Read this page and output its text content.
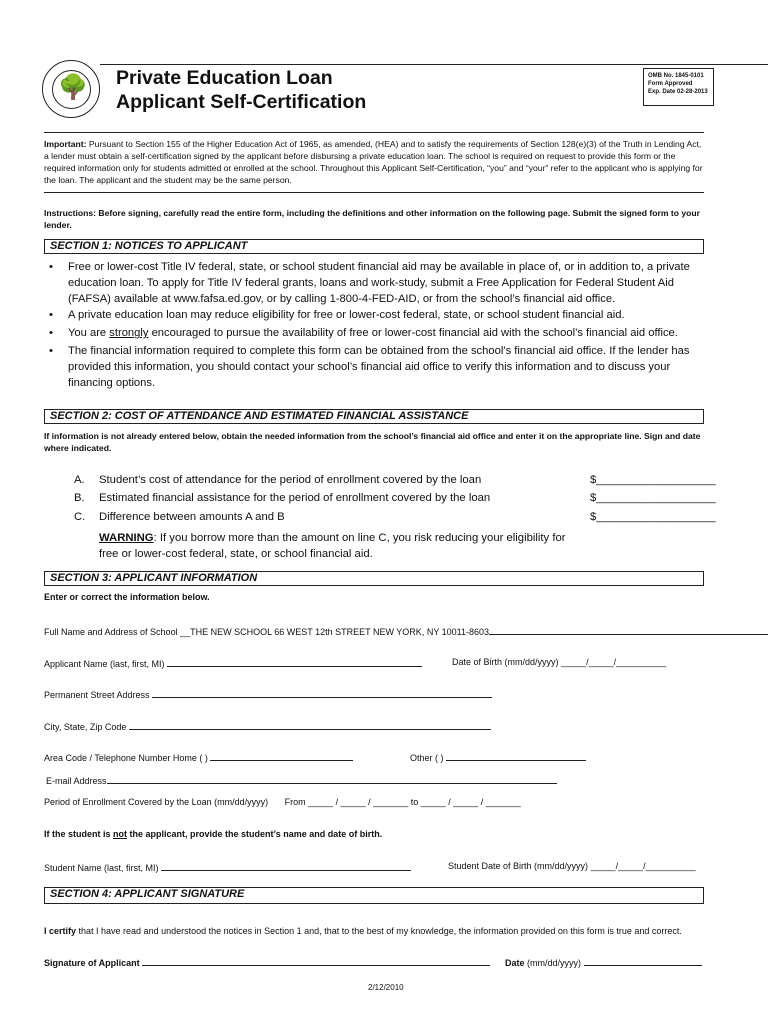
🌳 Private Education Loan
Applicant Self-Certification
OMB No. 1845-0101
Form Approved
Exp. Date 02-28-2013
Important: Pursuant to Section 155 of the Higher Education Act of 1965, as amended, (HEA) and to satisfy the requirements of Section 128(e)(3) of the Truth in Lending Act, a lender must obtain a self-certification signed by the applicant before disbursing a private education loan. The school is required on request to provide this form or the required information only for students admitted or enrolled at the school. Throughout this Applicant Self-Certification, “you” and “your” refer to the applicant who is applying for the loan. The applicant and the student may be the same person.
Instructions: Before signing, carefully read the entire form, including the definitions and other information on the following page. Submit the signed form to your lender.
SECTION 1: NOTICES TO APPLICANT
• Free or lower-cost Title IV federal, state, or school student financial aid may be available in place of, or in addition to, a private education loan. To apply for Title IV federal grants, loans and work-study, submit a Free Application for Federal Student Aid (FAFSA) available at www.fafsa.ed.gov, or by calling 1-800-4-FED-AID, or from the school’s financial aid office.
• A private education loan may reduce eligibility for free or lower-cost federal, state, or school student financial aid.
• You are strongly encouraged to pursue the availability of free or lower-cost financial aid with the school’s financial aid office.
• The financial information required to complete this form can be obtained from the school’s financial aid office. If the lender has provided this information, you should contact your school’s financial aid office to verify this information and to discuss your financing options.
SECTION 2: COST OF ATTENDANCE AND ESTIMATED FINANCIAL ASSISTANCE
If information is not already entered below, obtain the needed information from the school’s financial aid office and enter it on the appropriate line. Sign and date where indicated.
A. Student’s cost of attendance for the period of enrollment covered by the loan	$___________________
B. Estimated financial assistance for the period of enrollment covered by the loan	$___________________
C. Difference between amounts A and B	$___________________
WARNING: If you borrow more than the amount on line C, you risk reducing your eligibility for
free or lower-cost federal, state, or school financial aid.
SECTION 3: APPLICANT INFORMATION
Enter or correct the information below.
Full Name and Address of School __THE NEW SCHOOL 66 WEST 12th STREET NEW YORK, NY 10011-8603
Applicant Name (last, first, MI)	Date of Birth (mm/dd/yyyy) _____/_____/__________
Permanent Street Address
City, State, Zip Code
Area Code / Telephone Number Home ( )	Other ( )
E-mail Address
Period of Enrollment Covered by the Loan (mm/dd/yyyy) From _____ / _____ / _______ to _____ / _____ / _______
If the student is not the applicant, provide the student’s name and date of birth.
Student Name (last, first, MI)	Student Date of Birth (mm/dd/yyyy) _____/_____/__________
SECTION 4: APPLICANT SIGNATURE
I certify that I have read and understood the notices in Section 1 and, that to the best of my knowledge, the information provided on this form is true and correct.
Signature of Applicant	Date (mm/dd/yyyy)
2/12/2010
